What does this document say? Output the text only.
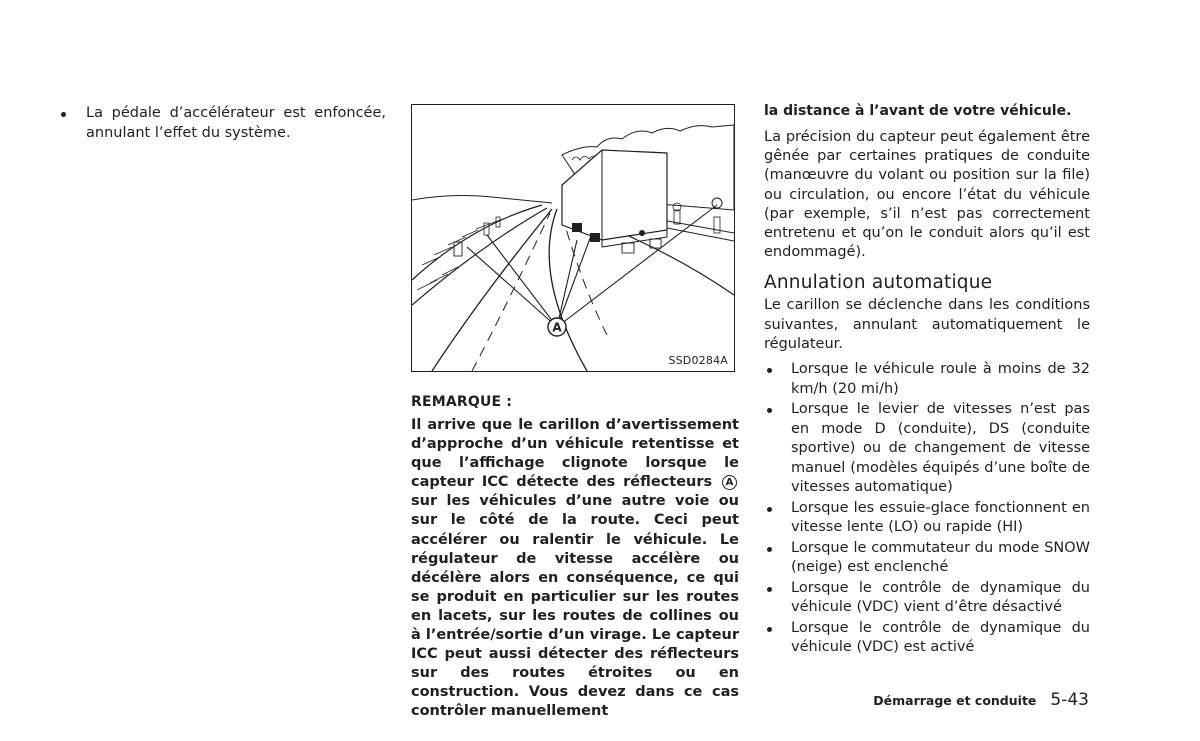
La pédale d’accélérateur est enfoncée, annulant l’effet du système.
A
SSD0284A
REMARQUE :

Il arrive que le carillon d’avertissement d’approche d’un véhicule retentisse et que l’affichage clignote lorsque le capteur ICC détecte des réflecteurs A sur les véhicules d’une autre voie ou sur le côté de la route. Ceci peut accélérer ou ralentir le véhicule. Le régulateur de vitesse accélère ou décélère alors en conséquence, ce qui se produit en particulier sur les routes en lacets, sur les routes de collines ou à l’entrée/sortie d’un virage. Le capteur ICC peut aussi détecter des réflecteurs sur des routes étroites ou en construction. Vous devez dans ce cas contrôler manuellement

la distance à l’avant de votre véhicule.

La précision du capteur peut également être gênée par certaines pratiques de conduite (manœuvre du volant ou position sur la file) ou circulation, ou encore l’état du véhicule (par exemple, s’il n’est pas correctement entretenu et qu’on le conduit alors qu’il est endommagé).

Annulation automatique

Le carillon se déclenche dans les conditions suivantes, annulant automatiquement le régulateur.

Lorsque le véhicule roule à moins de 32 km/h (20 mi/h)
Lorsque le levier de vitesses n’est pas en mode D (conduite), DS (conduite sportive) ou de changement de vitesse manuel (modèles équipés d’une boîte de vitesses automatique)
Lorsque les essuie-glace fonctionnent en vitesse lente (LO) ou rapide (HI)
Lorsque le commutateur du mode SNOW (neige) est enclenché
Lorsque le contrôle de dynamique du véhicule (VDC) vient d’être désactivé
Lorsque le contrôle de dynamique du véhicule (VDC) est activé
Démarrage et conduite 5-43
